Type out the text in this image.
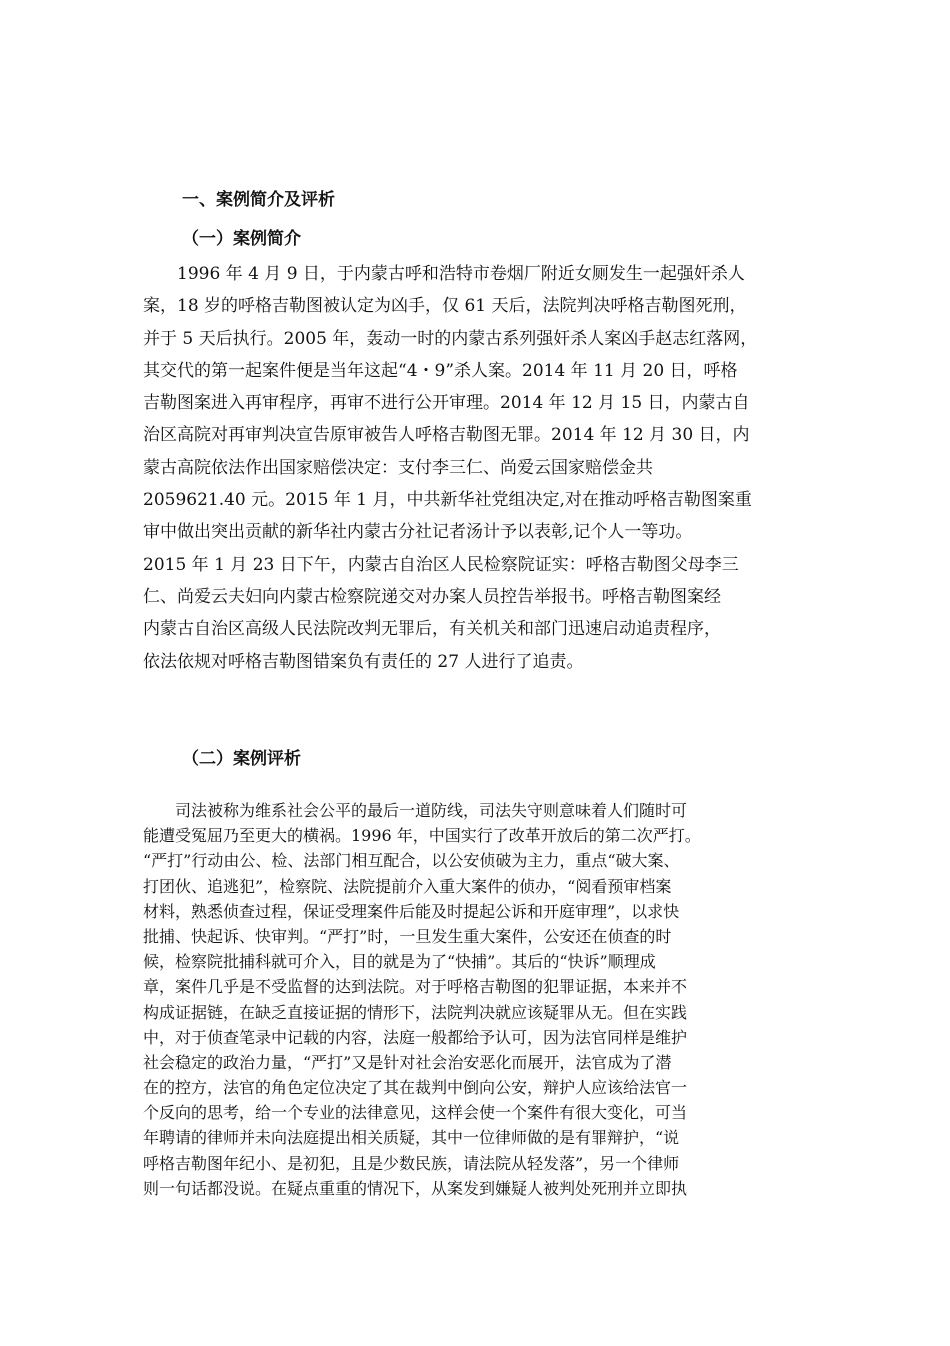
一、案例简介及评析
（一）案例简介
　　1996 年 4 月 9 日，于内蒙古呼和浩特市卷烟厂附近女厕发生一起强奸杀人
案，18 岁的呼格吉勒图被认定为凶手，仅 61 天后，法院判决呼格吉勒图死刑，
并于 5 天后执行。2005 年，轰动一时的内蒙古系列强奸杀人案凶手赵志红落网，
其交代的第一起案件便是当年这起“4・9”杀人案。2014 年 11 月 20 日，呼格
吉勒图案进入再审程序，再审不进行公开审理。2014 年 12 月 15 日，内蒙古自
治区高院对再审判决宣告原审被告人呼格吉勒图无罪。2014 年 12 月 30 日，内
蒙古高院依法作出国家赔偿决定：支付李三仁、尚爱云国家赔偿金共
2059621.40 元。2015 年 1 月，中共新华社党组决定,对在推动呼格吉勒图案重
审中做出突出贡献的新华社内蒙古分社记者汤计予以表彰,记个人一等功。
2015 年 1 月 23 日下午，内蒙古自治区人民检察院证实：呼格吉勒图父母李三
仁、尚爱云夫妇向内蒙古检察院递交对办案人员控告举报书。呼格吉勒图案经
内蒙古自治区高级人民法院改判无罪后，有关机关和部门迅速启动追责程序，
依法依规对呼格吉勒图错案负有责任的 27 人进行了追责。
（二）案例评析
　　司法被称为维系社会公平的最后一道防线，司法失守则意味着人们随时可
能遭受冤屈乃至更大的横祸。1996 年，中国实行了改革开放后的第二次严打。
“严打”行动由公、检、法部门相互配合，以公安侦破为主力，重点“破大案、
打团伙、追逃犯”，检察院、法院提前介入重大案件的侦办，“阅看预审档案
材料，熟悉侦查过程，保证受理案件后能及时提起公诉和开庭审理”，以求快
批捕、快起诉、快审判。“严打”时，一旦发生重大案件，公安还在侦查的时
候，检察院批捕科就可介入，目的就是为了“快捕”。其后的“快诉”顺理成
章，案件几乎是不受监督的达到法院。对于呼格吉勒图的犯罪证据，本来并不
构成证据链，在缺乏直接证据的情形下，法院判决就应该疑罪从无。但在实践
中，对于侦查笔录中记载的内容，法庭一般都给予认可，因为法官同样是维护
社会稳定的政治力量，“严打”又是针对社会治安恶化而展开，法官成为了潜
在的控方，法官的角色定位决定了其在裁判中倒向公安，辩护人应该给法官一
个反向的思考，给一个专业的法律意见，这样会使一个案件有很大变化，可当
年聘请的律师并未向法庭提出相关质疑，其中一位律师做的是有罪辩护，“说
呼格吉勒图年纪小、是初犯，且是少数民族，请法院从轻发落”，另一个律师
则一句话都没说。在疑点重重的情况下，从案发到嫌疑人被判处死刑并立即执
